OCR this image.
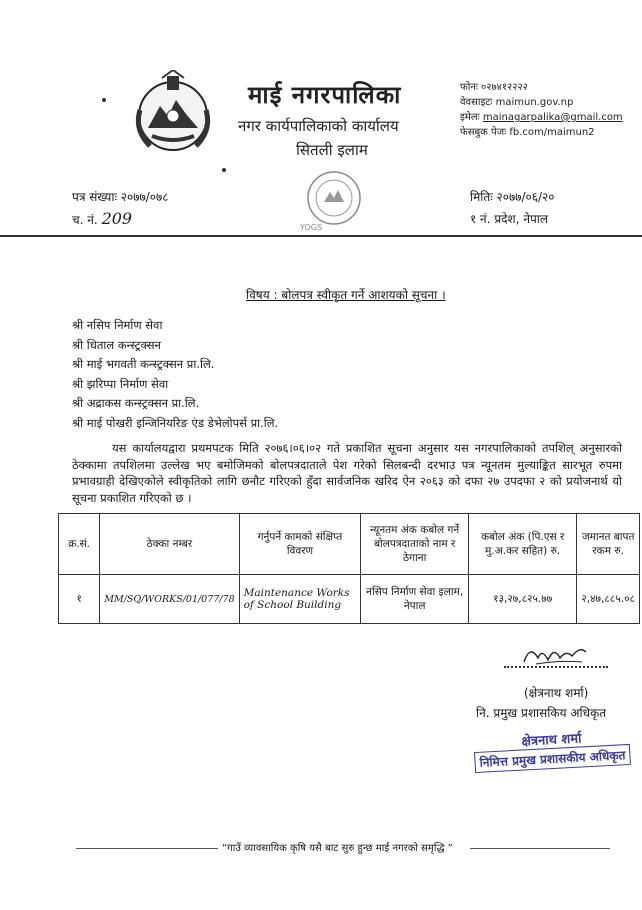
माई नगरपालिका
नगर कार्यपालिकाको कार्यालय
सितली इलाम
फोनः ०२७४१२२२२
वेवसाइटः maimun.gov.np
इमेलः mainagarpalika@gmail.com
फेसबुक पेजः fb.com/maimun2
पत्र संख्याः २०७७/०७८
च. नं. 209	YOGS
मितिः २०७७/०६/२०
१ नं. प्रदेश, नेपाल
विषय : बोलपत्र स्वीकृत गर्ने आशयको सूचना ।
श्री नसिप निर्माण सेवा
श्री धिताल कन्स्ट्रक्सन
श्री माई भगवती कन्स्ट्रक्सन प्रा.लि.
श्री झरिप्पा निर्माण सेवा
श्री अद्राकस कन्स्ट्रक्सन प्रा.लि.
श्री माई पोखरी इन्जिनियरिङ एंड डेभेलोपर्स प्रा.लि.

यस कार्यालयद्वारा प्रथमपटक मिति २०७६।०६।०२ गते प्रकाशित सूचना अनुसार यस नगरपालिकाको तपशिल् अनुसारको ठेक्कामा तपशिलमा उल्लेख भए बमोजिमको बोलपत्रदाताले पेश गरेको सिलबन्दी दरभाउ पत्र न्यूनतम मुल्याङ्कित सारभूत रुपमा प्रभावग्राही देखिएकोले स्वीकृतिको लागि छनौट गरिएको हुँदा सार्वजनिक खरिद ऐन २०६३ को दफा २७ उपदफा २ को प्रयोजनार्थ यो सूचना प्रकाशित गरिएको छ ।

क्र.सं.	ठेक्का नम्बर	गर्नुपर्ने कामको संक्षिप्त विवरण	न्यूनतम अंक कबोल गर्ने बोलपत्रदाताको नाम र ठेगाना	कबोल अंक (पि.एस र मु.अ.कर सहित) रु.	जमानत बापत रकम रु.
१	MM/SQ/WORKS/01/077/78	Maintenance Works of School Building	नसिप निर्माण सेवा इलाम, नेपाल	१३,२७,८२५.७७	२,४७,८८५.०८
(क्षेत्रनाथ शर्मा)
नि. प्रमुख प्रशासकिय अधिकृत
क्षेत्रनाथ शर्मा
निमित्त प्रमुख प्रशासकीय अधिकृत
“गाउँ व्यावसायिक कृषि यसै बाट सुरु हुन्छ माई नगरको समृद्धि ”
